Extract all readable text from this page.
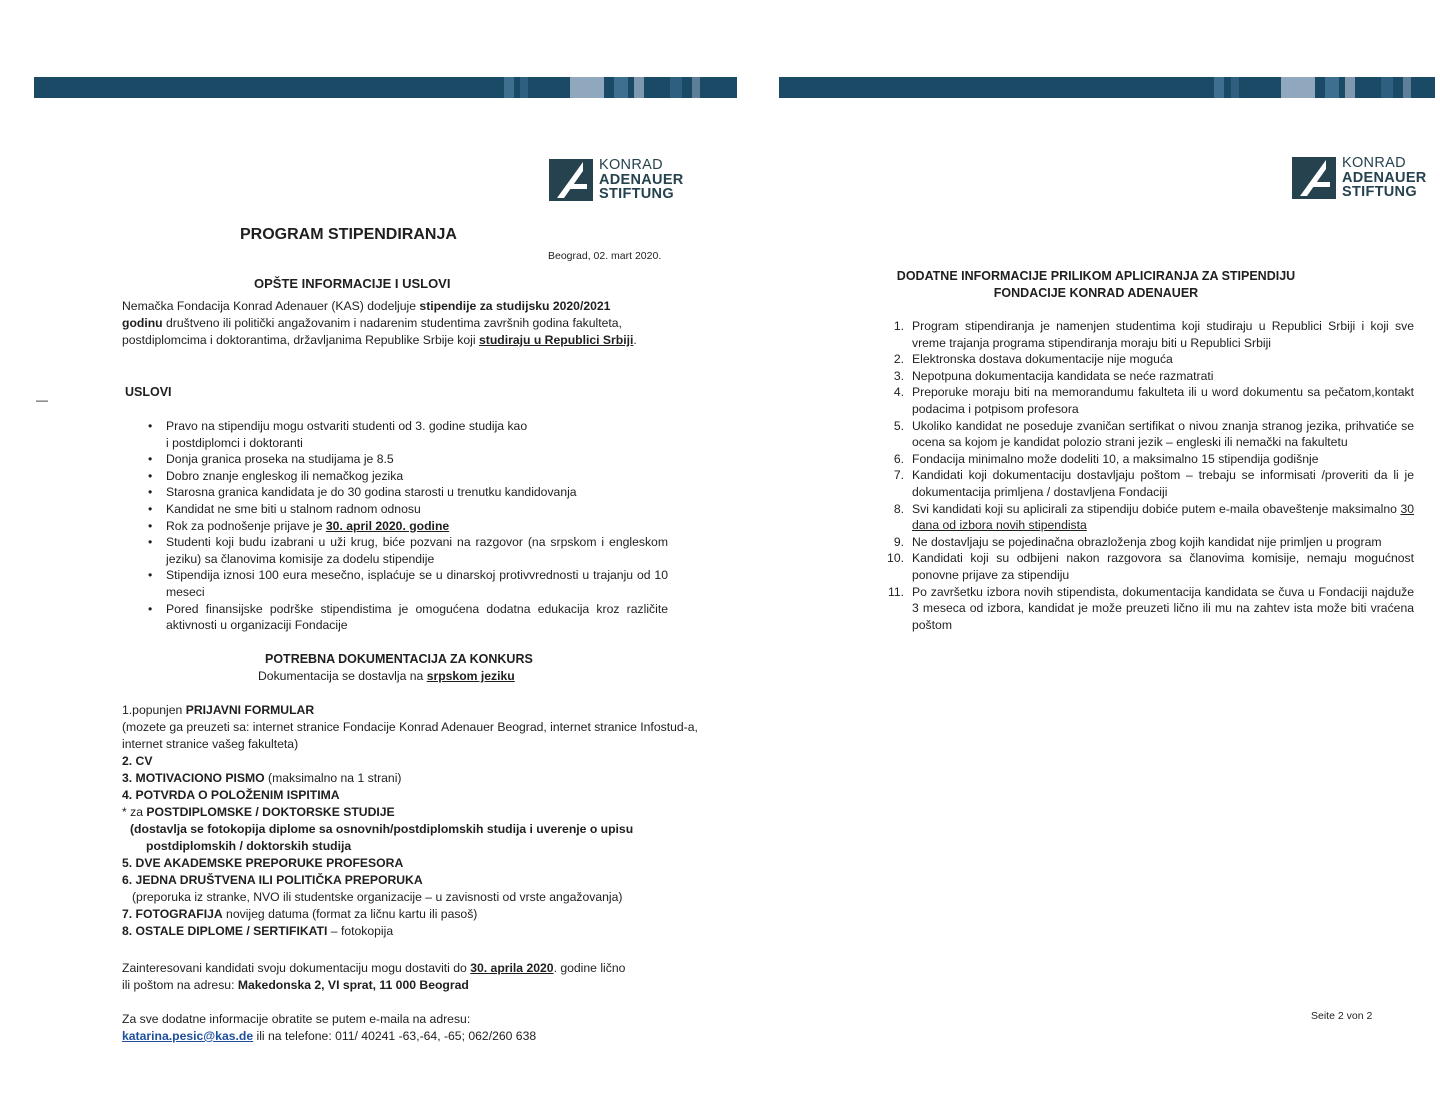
KONRAD
ADENAUER
STIFTUNG
PROGRAM STIPENDIRANJA
Beograd, 02. mart 2020.
OPŠTE INFORMACIJE I USLOVI
Nemačka Fondacija Konrad Adenauer (KAS) dodeljuje stipendije za studijsku 2020/2021 godinu društveno ili politički angažovanim i nadarenim studentima završnih godina fakulteta, postdiplomcima i doktorantima, državljanima Republike Srbije koji studiraju u Republici Srbiji.
—
USLOVI
• Pravo na stipendiju mogu ostvariti studenti od 3. godine studija kao
i postdiplomci i doktoranti
• Donja granica proseka na studijama je 8.5
• Dobro znanje engleskog ili nemačkog jezika
• Starosna granica kandidata je do 30 godina starosti u trenutku kandidovanja
• Kandidat ne sme biti u stalnom radnom odnosu
• Rok za podnošenje prijave je 30. april 2020. godine
• Studenti koji budu izabrani u uži krug, biće pozvani na razgovor (na srpskom i engleskom jeziku) sa članovima komisije za dodelu stipendije
• Stipendija iznosi 100 eura mesečno, isplaćuje se u dinarskoj protivvrednosti u trajanju od 10 meseci
• Pored finansijske podrške stipendistima je omogućena dodatna edukacija kroz različite aktivnosti u organizaciji Fondacije
POTREBNA DOKUMENTACIJA ZA KONKURS
Dokumentacija se dostavlja na srpskom jeziku
1.popunjen PRIJAVNI FORMULAR
(mozete ga preuzeti sa: internet stranice Fondacije Konrad Adenauer Beograd, internet stranice Infostud-a,
internet stranice vašeg fakulteta)
2. CV
3. MOTIVACIONO PISMO (maksimalno na 1 strani)
4. POTVRDA O POLOŽENIM ISPITIMA
* za POSTDIPLOMSKE / DOKTORSKE STUDIJE
(dostavlja se fotokopija diplome sa osnovnih/postdiplomskih studija i uverenje o upisu
postdiplomskih / doktorskih studija
5. DVE AKADEMSKE PREPORUKE PROFESORA
6. JEDNA DRUŠTVENA ILI POLITIČKA PREPORUKA
(preporuka iz stranke, NVO ili studentske organizacije – u zavisnosti od vrste angažovanja)
7. FOTOGRAFIJA novijeg datuma (format za ličnu kartu ili pasoš)
8. OSTALE DIPLOME / SERTIFIKATI – fotokopija
Zainteresovani kandidati svoju dokumentaciju mogu dostaviti do 30. aprila 2020. godine lično
ili poštom na adresu: Makedonska 2, VI sprat, 11 000 Beograd
Za sve dodatne informacije obratite se putem e-maila na adresu:
katarina.pesic@kas.de ili na telefone: 011/ 40241 -63,-64, -65; 062/260 638
KONRAD
ADENAUER
STIFTUNG
DODATNE INFORMACIJE PRILIKOM APLICIRANJA ZA STIPENDIJU
FONDACIJE KONRAD ADENAUER
1. Program stipendiranja je namenjen studentima koji studiraju u Republici Srbiji i koji sve vreme trajanja programa stipendiranja moraju biti u Republici Srbiji
2. Elektronska dostava dokumentacije nije moguća
3. Nepotpuna dokumentacija kandidata se neće razmatrati
4. Preporuke moraju biti na memorandumu fakulteta ili u word dokumentu sa pečatom,kontakt podacima i potpisom profesora
5. Ukoliko kandidat ne poseduje zvaničan sertifikat o nivou znanja stranog jezika, prihvatiće se ocena sa kojom je kandidat polozio strani jezik – engleski ili nemački na fakultetu
6. Fondacija minimalno može dodeliti 10, a maksimalno 15 stipendija godišnje
7. Kandidati koji dokumentaciju dostavljaju poštom – trebaju se informisati /proveriti da li je dokumentacija primljena / dostavljena Fondaciji
8. Svi kandidati koji su aplicirali za stipendiju dobiće putem e-maila obaveštenje maksimalno 30 dana od izbora novih stipendista
9. Ne dostavljaju se pojedinačna obrazloženja zbog kojih kandidat nije primljen u program
10. Kandidati koji su odbijeni nakon razgovora sa članovima komisije, nemaju mogućnost ponovne prijave za stipendiju
11. Po završetku izbora novih stipendista, dokumentacija kandidata se čuva u Fondaciji najduže 3 meseca od izbora, kandidat je može preuzeti lično ili mu na zahtev ista može biti vraćena poštom
Seite 2 von 2
